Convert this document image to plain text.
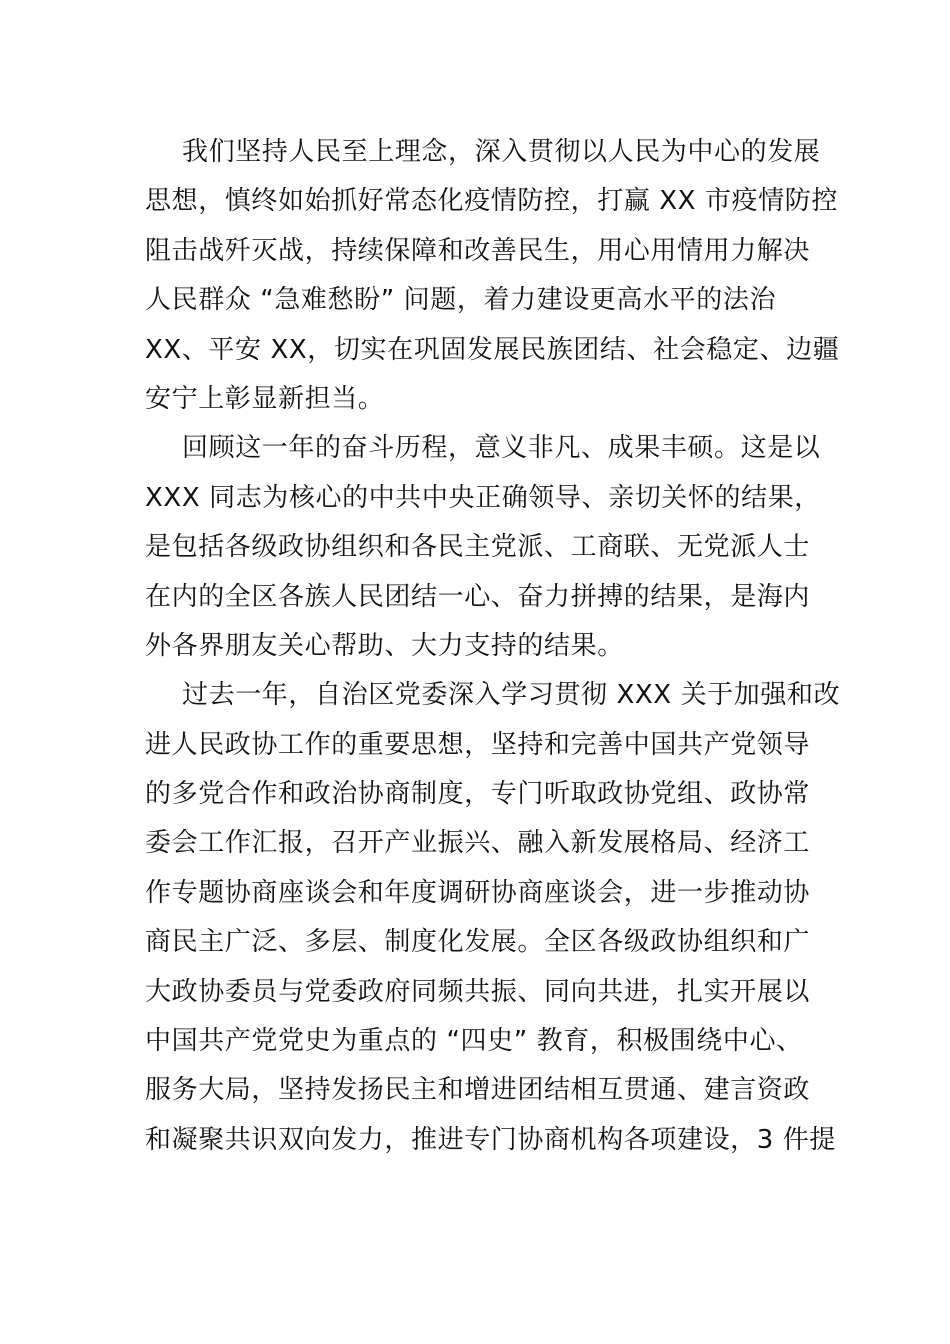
我们坚持人民至上理念，深入贯彻以人民为中心的发展
思想，慎终如始抓好常态化疫情防控，打赢 XX 市疫情防控
阻击战歼灭战，持续保障和改善民生，用心用情用力解决
人民群众 “急难愁盼” 问题，着力建设更高水平的法治
XX、平安 XX，切实在巩固发展民族团结、社会稳定、边疆
安宁上彰显新担当。
回顾这一年的奋斗历程，意义非凡、成果丰硕。这是以
XXX 同志为核心的中共中央正确领导、亲切关怀的结果，
是包括各级政协组织和各民主党派、工商联、无党派人士
在内的全区各族人民团结一心、奋力拼搏的结果，是海内
外各界朋友关心帮助、大力支持的结果。
过去一年，自治区党委深入学习贯彻 XXX 关于加强和改
进人民政协工作的重要思想，坚持和完善中国共产党领导
的多党合作和政治协商制度，专门听取政协党组、政协常
委会工作汇报，召开产业振兴、融入新发展格局、经济工
作专题协商座谈会和年度调研协商座谈会，进一步推动协
商民主广泛、多层、制度化发展。全区各级政协组织和广
大政协委员与党委政府同频共振、同向共进，扎实开展以
中国共产党党史为重点的 “四史” 教育，积极围绕中心、
服务大局，坚持发扬民主和增进团结相互贯通、建言资政
和凝聚共识双向发力，推进专门协商机构各项建设，3 件提
